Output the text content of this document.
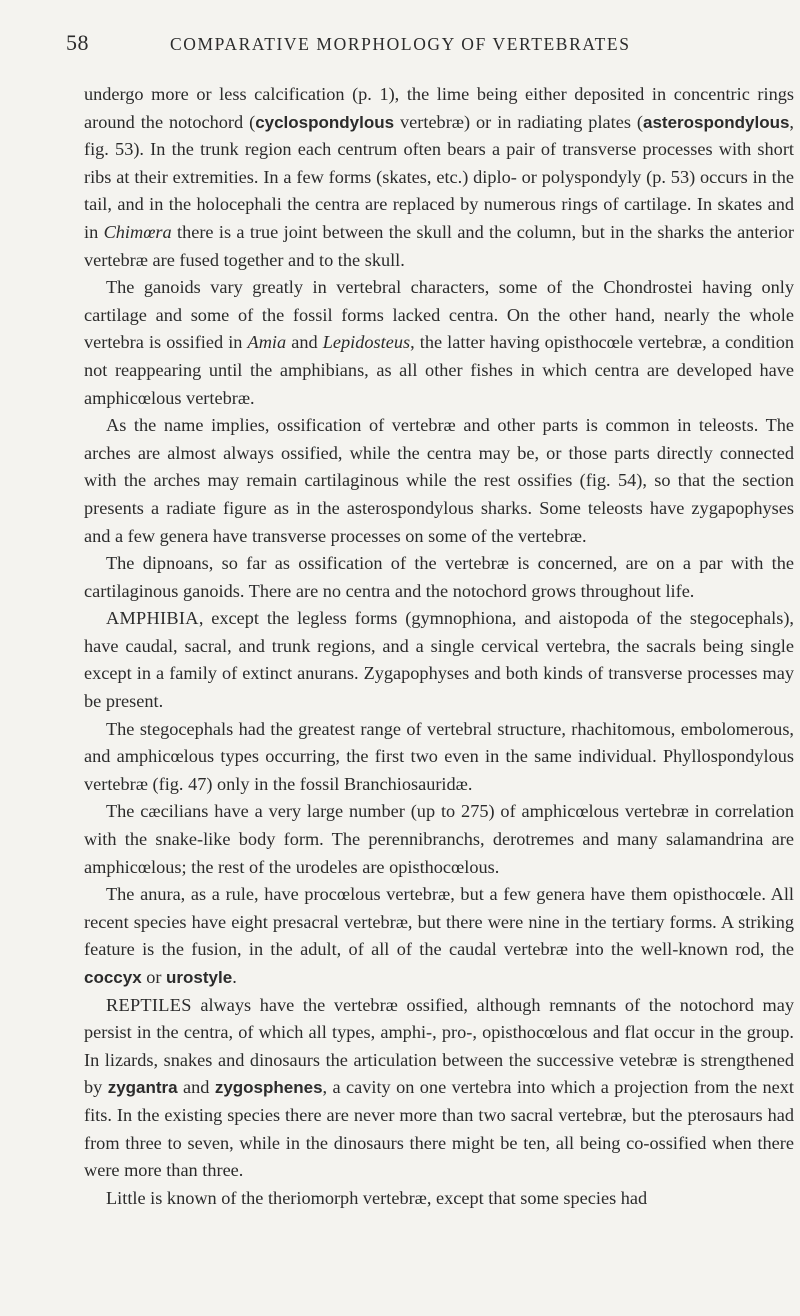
58	COMPARATIVE MORPHOLOGY OF VERTEBRATES

undergo more or less calcification (p. 1), the lime being either deposited in concentric rings around the notochord (cyclospondylous vertebræ) or in radiating plates (asterospondylous, fig. 53). In the trunk region each centrum often bears a pair of transverse processes with short ribs at their extremities. In a few forms (skates, etc.) diplo- or polyspondyly (p. 53) occurs in the tail, and in the holocephali the centra are replaced by numerous rings of cartilage. In skates and in Chimœra there is a true joint between the skull and the column, but in the sharks the anterior vertebræ are fused together and to the skull.

The ganoids vary greatly in vertebral characters, some of the Chondrostei having only cartilage and some of the fossil forms lacked centra. On the other hand, nearly the whole vertebra is ossified in Amia and Lepidosteus, the latter having opisthocœle vertebræ, a condition not reappearing until the amphibians, as all other fishes in which centra are developed have amphicœlous vertebræ.

As the name implies, ossification of vertebræ and other parts is common in teleosts. The arches are almost always ossified, while the centra may be, or those parts directly connected with the arches may remain cartilaginous while the rest ossifies (fig. 54), so that the section presents a radiate figure as in the asterospondylous sharks. Some teleosts have zygapophyses and a few genera have transverse processes on some of the vertebræ.

The dipnoans, so far as ossification of the vertebræ is concerned, are on a par with the cartilaginous ganoids. There are no centra and the notochord grows throughout life.

AMPHIBIA, except the legless forms (gymnophiona, and aistopoda of the stegocephals), have caudal, sacral, and trunk regions, and a single cervical vertebra, the sacrals being single except in a family of extinct anurans. Zygapophyses and both kinds of transverse processes may be present.

The stegocephals had the greatest range of vertebral structure, rhachitomous, embolomerous, and amphicœlous types occurring, the first two even in the same individual. Phyllospondylous vertebræ (fig. 47) only in the fossil Branchiosauridæ.

The cæcilians have a very large number (up to 275) of amphicœlous vertebræ in correlation with the snake-like body form. The perennibranchs, derotremes and many salamandrina are amphicœlous; the rest of the urodeles are opisthocœlous.

The anura, as a rule, have procœlous vertebræ, but a few genera have them opisthocœle. All recent species have eight presacral vertebræ, but there were nine in the tertiary forms. A striking feature is the fusion, in the adult, of all of the caudal vertebræ into the well-known rod, the coccyx or urostyle.

REPTILES always have the vertebræ ossified, although remnants of the notochord may persist in the centra, of which all types, amphi-, pro-, opisthocœlous and flat occur in the group. In lizards, snakes and dinosaurs the articulation between the successive vetebræ is strengthened by zygantra and zygosphenes, a cavity on one vertebra into which a projection from the next fits. In the existing species there are never more than two sacral vertebræ, but the pterosaurs had from three to seven, while in the dinosaurs there might be ten, all being co-ossified when there were more than three.

Little is known of the theriomorph vertebræ, except that some species had
